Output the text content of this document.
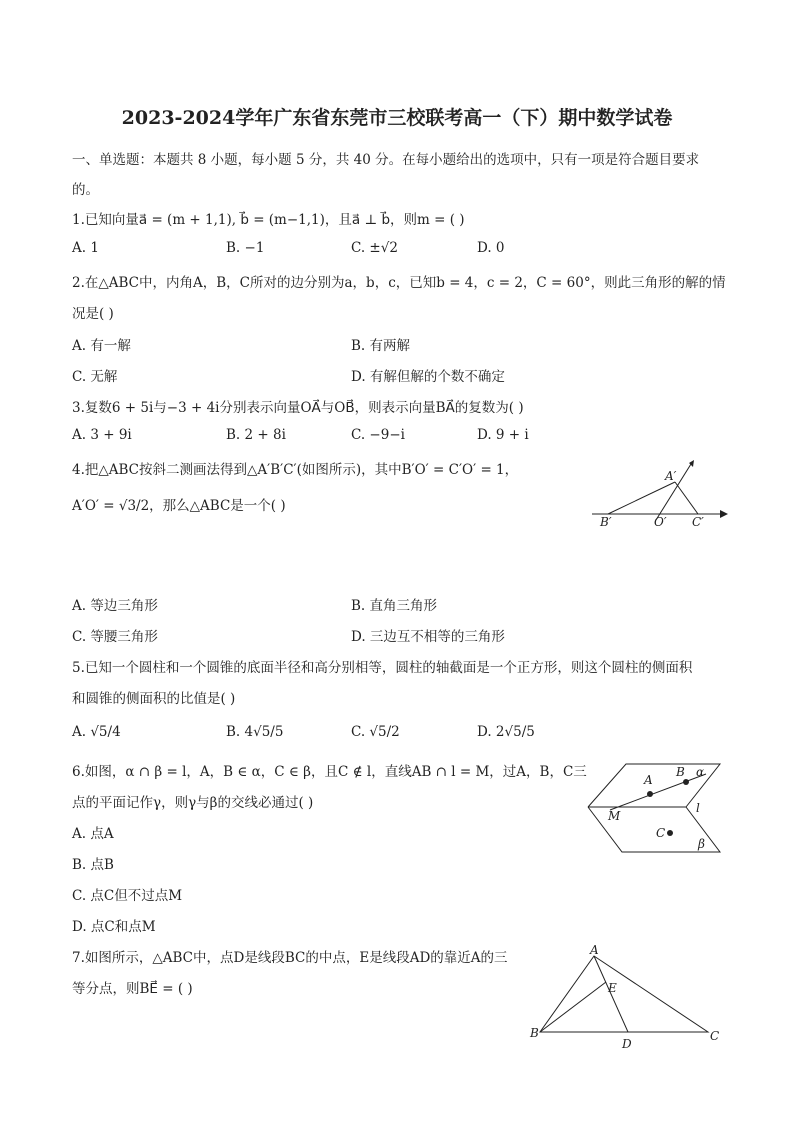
2023-2024学年广东省东莞市三校联考高一（下）期中数学试卷
一、单选题：本题共 8 小题，每小题 5 分，共 40 分。在每小题给出的选项中，只有一项是符合题目要求
的。
1.已知向量a⃗ = (m + 1,1), b⃗ = (m−1,1)，且a⃗ ⊥ b⃗，则m = ( )
A. 1	B. −1	C. ±√2	D. 0
2.在△ABC中，内角A，B，C所对的边分别为a，b，c，已知b = 4，c = 2，C = 60°，则此三角形的解的情
况是( )
A. 有一解	B. 有两解
C. 无解	D. 有解但解的个数不确定
3.复数6 + 5i与−3 + 4i分别表示向量OA⃗与OB⃗，则表示向量BA⃗的复数为( )
A. 3 + 9i	B. 2 + 8i	C. −9−i	D. 9 + i
4.把△ABC按斜二测画法得到△A′B′C′(如图所示)，其中B′O′ = C′O′ = 1，
A′O′ = √3/2，那么△ABC是一个( )
A′
B′	O′ C′
A. 等边三角形	B. 直角三角形
C. 等腰三角形	D. 三边互不相等的三角形
5.已知一个圆柱和一个圆锥的底面半径和高分别相等，圆柱的轴截面是一个正方形，则这个圆柱的侧面积
和圆锥的侧面积的比值是( )
A. √5/4	B. 4√5/5	C. √5/2	D. 2√5/5
6.如图，α ∩ β = l，A，B ∈ α，C ∈ β，且C ∉ l，直线AB ∩ l = M，过A，B，C三
点的平面记作γ，则γ与β的交线必通过( )
A
B α
l
M
C
β
A. 点A
B. 点B
C. 点C但不过点M
D. 点C和点M
7.如图所示，△ABC中，点D是线段BC的中点，E是线段AD的靠近A的三
等分点，则BE⃗ = ( )
A
E
B
D
C
